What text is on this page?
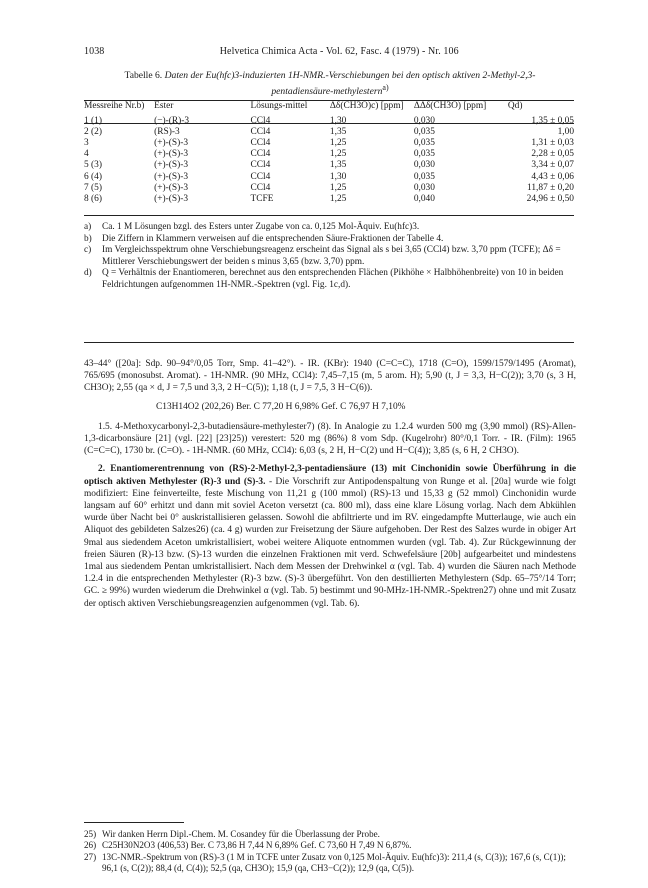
1038	Helvetica Chimica Acta - Vol. 62, Fasc. 4 (1979) - Nr. 106
Tabelle 6. Daten der Eu(hfc)3-induzierten 1H-NMR.-Verschiebungen bei den optisch aktiven 2-Methyl-2,3-pentadiensäure-methylestern$^{a)}$
Messreihe Nr.b)	Ester	Lösungs-mittel	Δδ(CH3O)c) [ppm]	ΔΔδ(CH3O) [ppm]	Qd)
1 (1)	(−)-(R)-3	CCl4	1,30	0,030	1,35 ± 0,05
2 (2)	(RS)-3	CCl4	1,35	0,035	1,00
3	(+)-(S)-3	CCl4	1,25	0,035	1,31 ± 0,03
4	(+)-(S)-3	CCl4	1,25	0,035	2,28 ± 0,05
5 (3)	(+)-(S)-3	CCl4	1,35	0,030	3,34 ± 0,07
6 (4)	(+)-(S)-3	CCl4	1,30	0,035	4,43 ± 0,06
7 (5)	(+)-(S)-3	CCl4	1,25	0,030	11,87 ± 0,20
8 (6)	(+)-(S)-3	TCFE	1,25	0,040	24,96 ± 0,50
a)	Ca. 1 M Lösungen bzgl. des Esters unter Zugabe von ca. 0,125 Mol-Äquiv. Eu(hfc)3.
b)	Die Ziffern in Klammern verweisen auf die entsprechenden Säure-Fraktionen der Tabelle 4.
c)	Im Vergleichsspektrum ohne Verschiebungsreagenz erscheint das Signal als s bei 3,65 (CCl4) bzw. 3,70 ppm (TCFE); Δδ = Mittlerer Verschiebungswert der beiden s minus 3,65 (bzw. 3,70) ppm.
d)	Q = Verhältnis der Enantiomeren, berechnet aus den entsprechenden Flächen (Pikhöhe × Halbhöhenbreite) von 10 in beiden Feldrichtungen aufgenommen 1H-NMR.-Spektren (vgl. Fig. 1c,d).

43–44° ([20a]: Sdp. 90–94°/0,05 Torr, Smp. 41–42°). - IR. (KBr): 1940 (C=C=C), 1718 (C=O), 1599/1579/1495 (Aromat), 765/695 (monosubst. Aromat). - 1H-NMR. (90 MHz, CCl4): 7,45–7,15 (m, 5 arom. H); 5,90 (t, J = 3,3, H−C(2)); 3,70 (s, 3 H, CH3O); 2,55 (qa × d, J = 7,5 und 3,3, 2 H−C(5)); 1,18 (t, J = 7,5, 3 H−C(6)).

C13H14O2 (202,26) Ber. C 77,20 H 6,98% Gef. C 76,97 H 7,10%

1.5. 4-Methoxycarbonyl-2,3-butadiensäure-methylester7) (8). In Analogie zu 1.2.4 wurden 500 mg (3,90 mmol) (RS)-Allen-1,3-dicarbonsäure [21] (vgl. [22] [23]25)) verestert: 520 mg (86%) 8 vom Sdp. (Kugelrohr) 80°/0,1 Torr. - IR. (Film): 1965 (C=C=C), 1730 br. (C=O). - 1H-NMR. (60 MHz, CCl4): 6,03 (s, 2 H, H−C(2) und H−C(4)); 3,85 (s, 6 H, 2 CH3O).

2. Enantiomerentrennung von (RS)-2-Methyl-2,3-pentadiensäure (13) mit Cinchonidin sowie Überführung in die optisch aktiven Methylester (R)-3 und (S)-3. - Die Vorschrift zur Antipodenspaltung von Runge et al. [20a] wurde wie folgt modifiziert: Eine feinverteilte, feste Mischung von 11,21 g (100 mmol) (RS)-13 und 15,33 g (52 mmol) Cinchonidin wurde langsam auf 60° erhitzt und dann mit soviel Aceton versetzt (ca. 800 ml), dass eine klare Lösung vorlag. Nach dem Abkühlen wurde über Nacht bei 0° auskristallisieren gelassen. Sowohl die abfiltrierte und im RV. eingedampfte Mutterlauge, wie auch ein Aliquot des gebildeten Salzes26) (ca. 4 g) wurden zur Freisetzung der Säure aufgehoben. Der Rest des Salzes wurde in obiger Art 9mal aus siedendem Aceton umkristallisiert, wobei weitere Aliquote entnommen wurden (vgl. Tab. 4). Zur Rückgewinnung der freien Säuren (R)-13 bzw. (S)-13 wurden die einzelnen Fraktionen mit verd. Schwefelsäure [20b] aufgearbeitet und mindestens 1mal aus siedendem Pentan umkristallisiert. Nach dem Messen der Drehwinkel α (vgl. Tab. 4) wurden die Säuren nach Methode 1.2.4 in die entsprechenden Methylester (R)-3 bzw. (S)-3 übergeführt. Von den destillierten Methylestern (Sdp. 65–75°/14 Torr; GC. ≥ 99%) wurden wiederum die Drehwinkel α (vgl. Tab. 5) bestimmt und 90-MHz-1H-NMR.-Spektren27) ohne und mit Zusatz der optisch aktiven Verschiebungsreagenzien aufgenommen (vgl. Tab. 6).

25) Wir danken Herrn Dipl.-Chem. M. Cosandey für die Überlassung der Probe.
26) C25H30N2O3 (406,53) Ber. C 73,86 H 7,44 N 6,89% Gef. C 73,60 H 7,49 N 6,87%.
27) 13C-NMR.-Spektrum von (RS)-3 (1 M in TCFE unter Zusatz von 0,125 Mol-Äquiv. Eu(hfc)3): 211,4 (s, C(3)); 167,6 (s, C(1)); 96,1 (s, C(2)); 88,4 (d, C(4)); 52,5 (qa, CH3O); 15,9 (qa, CH3−C(2)); 12,9 (qa, C(5)).
